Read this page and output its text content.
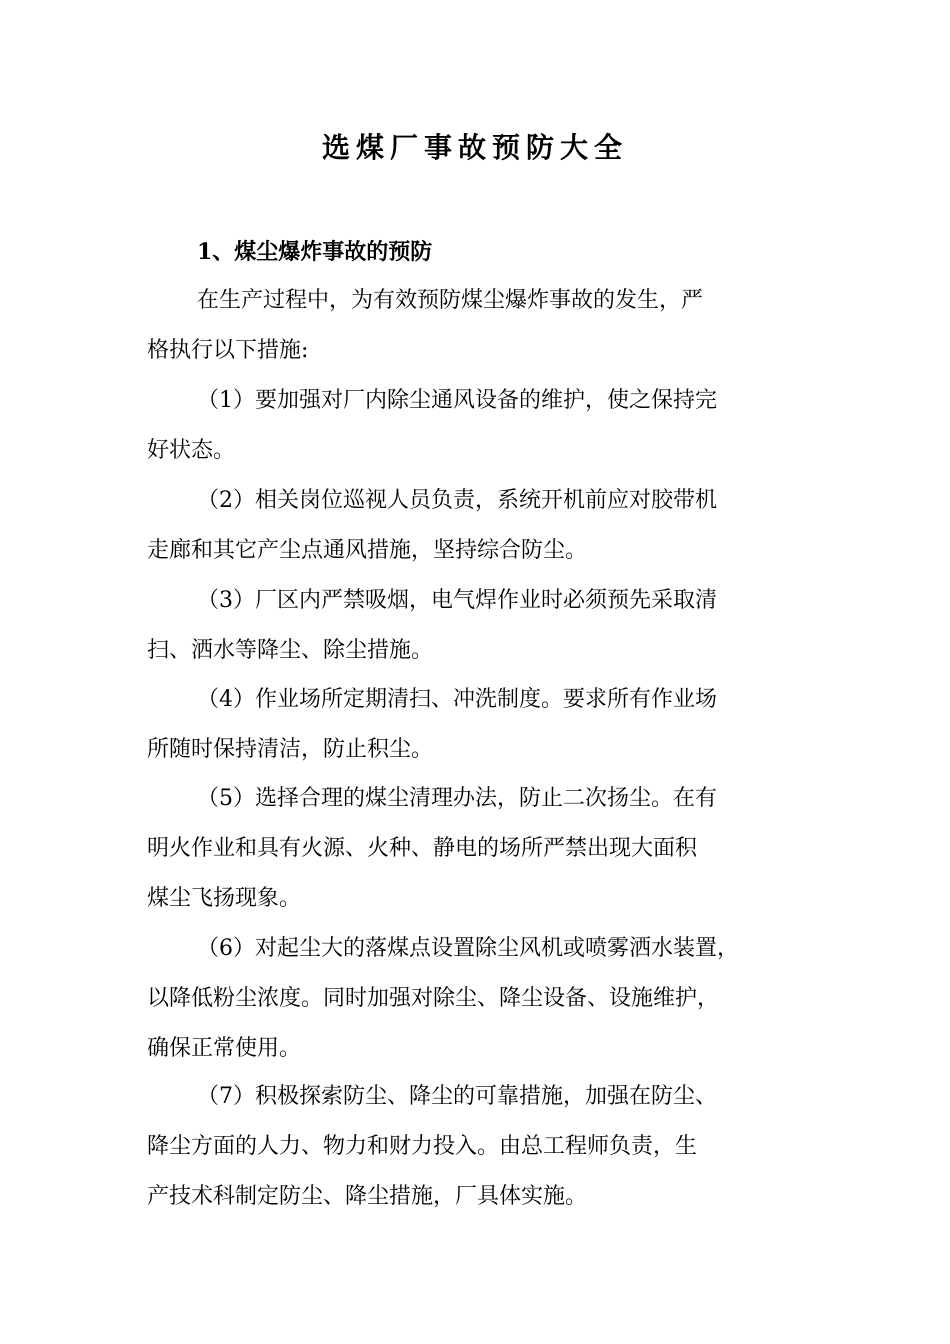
选煤厂事故预防大全
1、煤尘爆炸事故的预防
在生产过程中，为有效预防煤尘爆炸事故的发生，严
格执行以下措施:
（1）要加强对厂内除尘通风设备的维护，使之保持完
好状态。
（2）相关岗位巡视人员负责，系统开机前应对胶带机
走廊和其它产尘点通风措施，坚持综合防尘。
（3）厂区内严禁吸烟，电气焊作业时必须预先采取清
扫、洒水等降尘、除尘措施。
（4）作业场所定期清扫、冲洗制度。要求所有作业场
所随时保持清洁，防止积尘。
（5）选择合理的煤尘清理办法，防止二次扬尘。在有
明火作业和具有火源、火种、静电的场所严禁出现大面积
煤尘飞扬现象。
（6）对起尘大的落煤点设置除尘风机或喷雾洒水装置，
以降低粉尘浓度。同时加强对除尘、降尘设备、设施维护，
确保正常使用。
（7）积极探索防尘、降尘的可靠措施，加强在防尘、
降尘方面的人力、物力和财力投入。由总工程师负责，生
产技术科制定防尘、降尘措施，厂具体实施。
